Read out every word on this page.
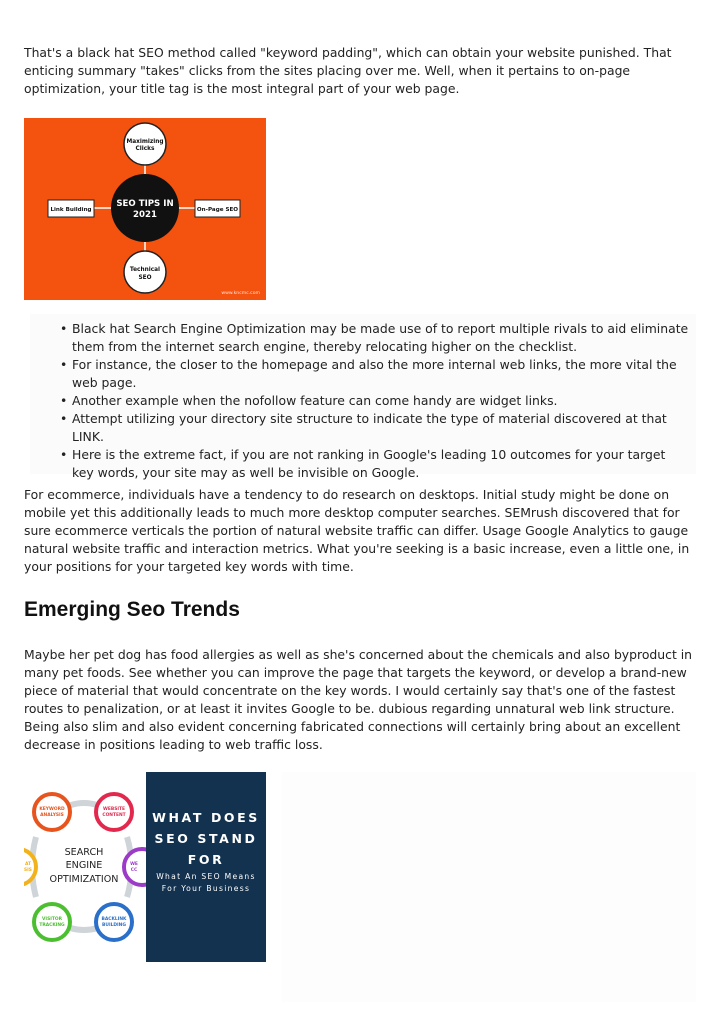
That's a black hat SEO method called "keyword padding", which can obtain your website punished. That enticing summary "takes" clicks from the sites placing over me. Well, when it pertains to on-page optimization, your title tag is the most integral part of your web page.

Maximizing
Clicks
Technical
SEO
Link Building	On-Page SEO
SEO TIPS IN
2021
www.kncmc.com
• Black hat Search Engine Optimization may be made use of to report multiple rivals to aid eliminate them from the internet search engine, thereby relocating higher on the checklist.
• For instance, the closer to the homepage and also the more internal web links, the more vital the web page.
• Another example when the nofollow feature can come handy are widget links.
• Attempt utilizing your directory site structure to indicate the type of material discovered at that LINK.
• Here is the extreme fact, if you are not ranking in Google's leading 10 outcomes for your target key words, your site may as well be invisible on Google.

For ecommerce, individuals have a tendency to do research on desktops. Initial study might be done on mobile yet this additionally leads to much more desktop computer searches. SEMrush discovered that for sure ecommerce verticals the portion of natural website traffic can differ. Usage Google Analytics to gauge natural website traffic and interaction metrics. What you're seeking is a basic increase, even a little one, in your positions for your targeted key words with time.

Emerging Seo Trends

Maybe her pet dog has food allergies as well as she's concerned about the chemicals and also byproduct in many pet foods. See whether you can improve the page that targets the keyword, or develop a brand-new piece of material that would concentrate on the key words. I would certainly say that's one of the fastest routes to penalization, or at least it invites Google to be. dubious regarding unnatural web link structure. Being also slim and also evident concerning fabricated connections will certainly bring about an excellent decrease in positions leading to web traffic loss.

KEYWORD
ANALYSIS
WEBSITE
CONTENT
AT
SIS
WE
CC
VISITOR
TRACKING
BACKLINK
BUILDING
SEARCH
ENGINE
OPTIMIZATION
WHAT DOES
SEO STAND
FOR
What An SEO Means
For Your Business
